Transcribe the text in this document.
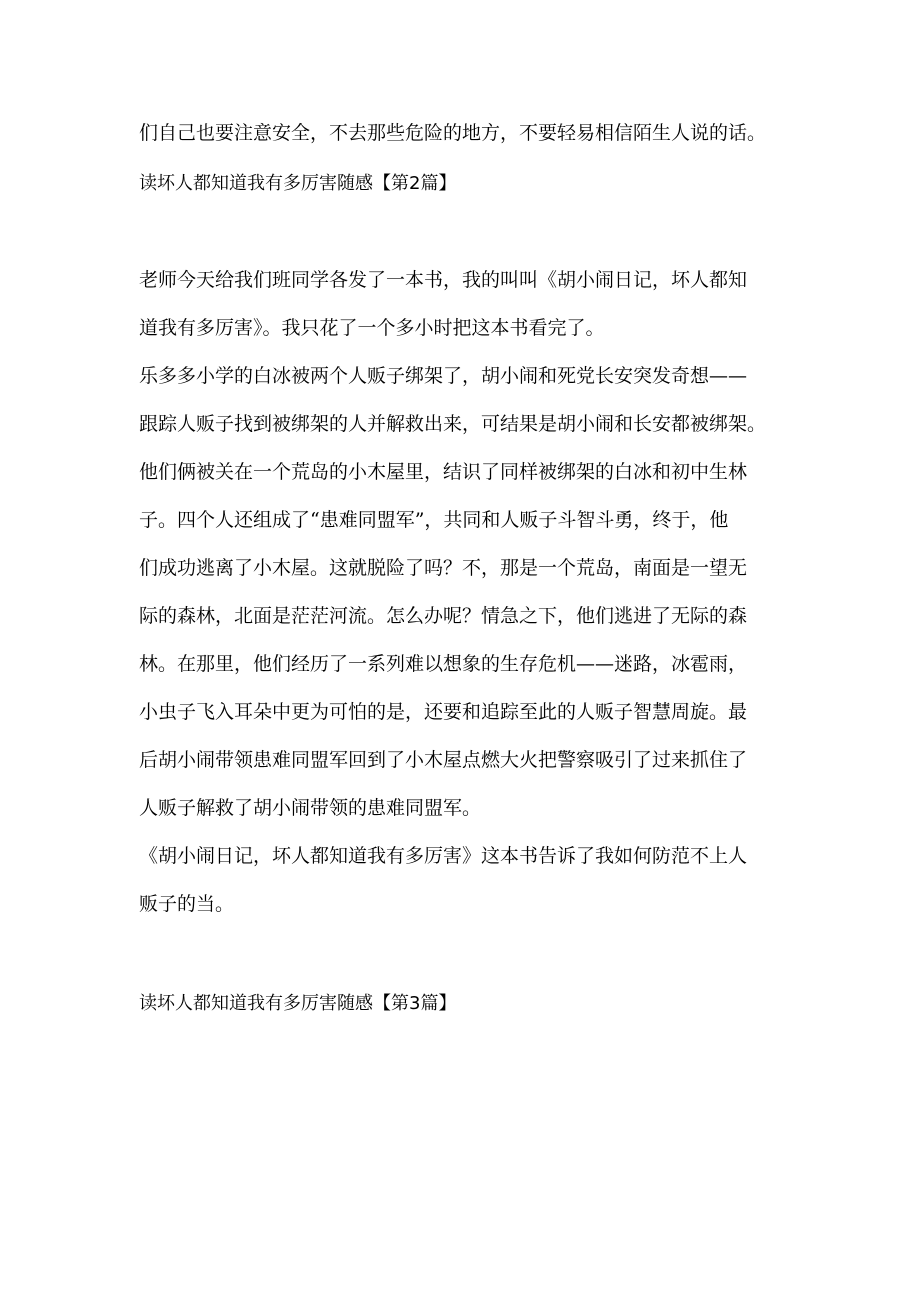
们自己也要注意安全，不去那些危险的地方，不要轻易相信陌生人说的话。

读坏人都知道我有多厉害随感【第2篇】

老师今天给我们班同学各发了一本书，我的叫叫《胡小闹日记，坏人都知

道我有多厉害》。我只花了一个多小时把这本书看完了。

乐多多小学的白冰被两个人贩子绑架了，胡小闹和死党长安突发奇想——

跟踪人贩子找到被绑架的人并解救出来，可结果是胡小闹和长安都被绑架。

他们俩被关在一个荒岛的小木屋里，结识了同样被绑架的白冰和初中生林

子。四个人还组成了“患难同盟军”，共同和人贩子斗智斗勇，终于，他

们成功逃离了小木屋。这就脱险了吗？不，那是一个荒岛，南面是一望无

际的森林，北面是茫茫河流。怎么办呢？情急之下，他们逃进了无际的森

林。在那里，他们经历了一系列难以想象的生存危机——迷路，冰雹雨，

小虫子飞入耳朵中更为可怕的是，还要和追踪至此的人贩子智慧周旋。最

后胡小闹带领患难同盟军回到了小木屋点燃大火把警察吸引了过来抓住了

人贩子解救了胡小闹带领的患难同盟军。

《胡小闹日记，坏人都知道我有多厉害》这本书告诉了我如何防范不上人

贩子的当。

读坏人都知道我有多厉害随感【第3篇】
